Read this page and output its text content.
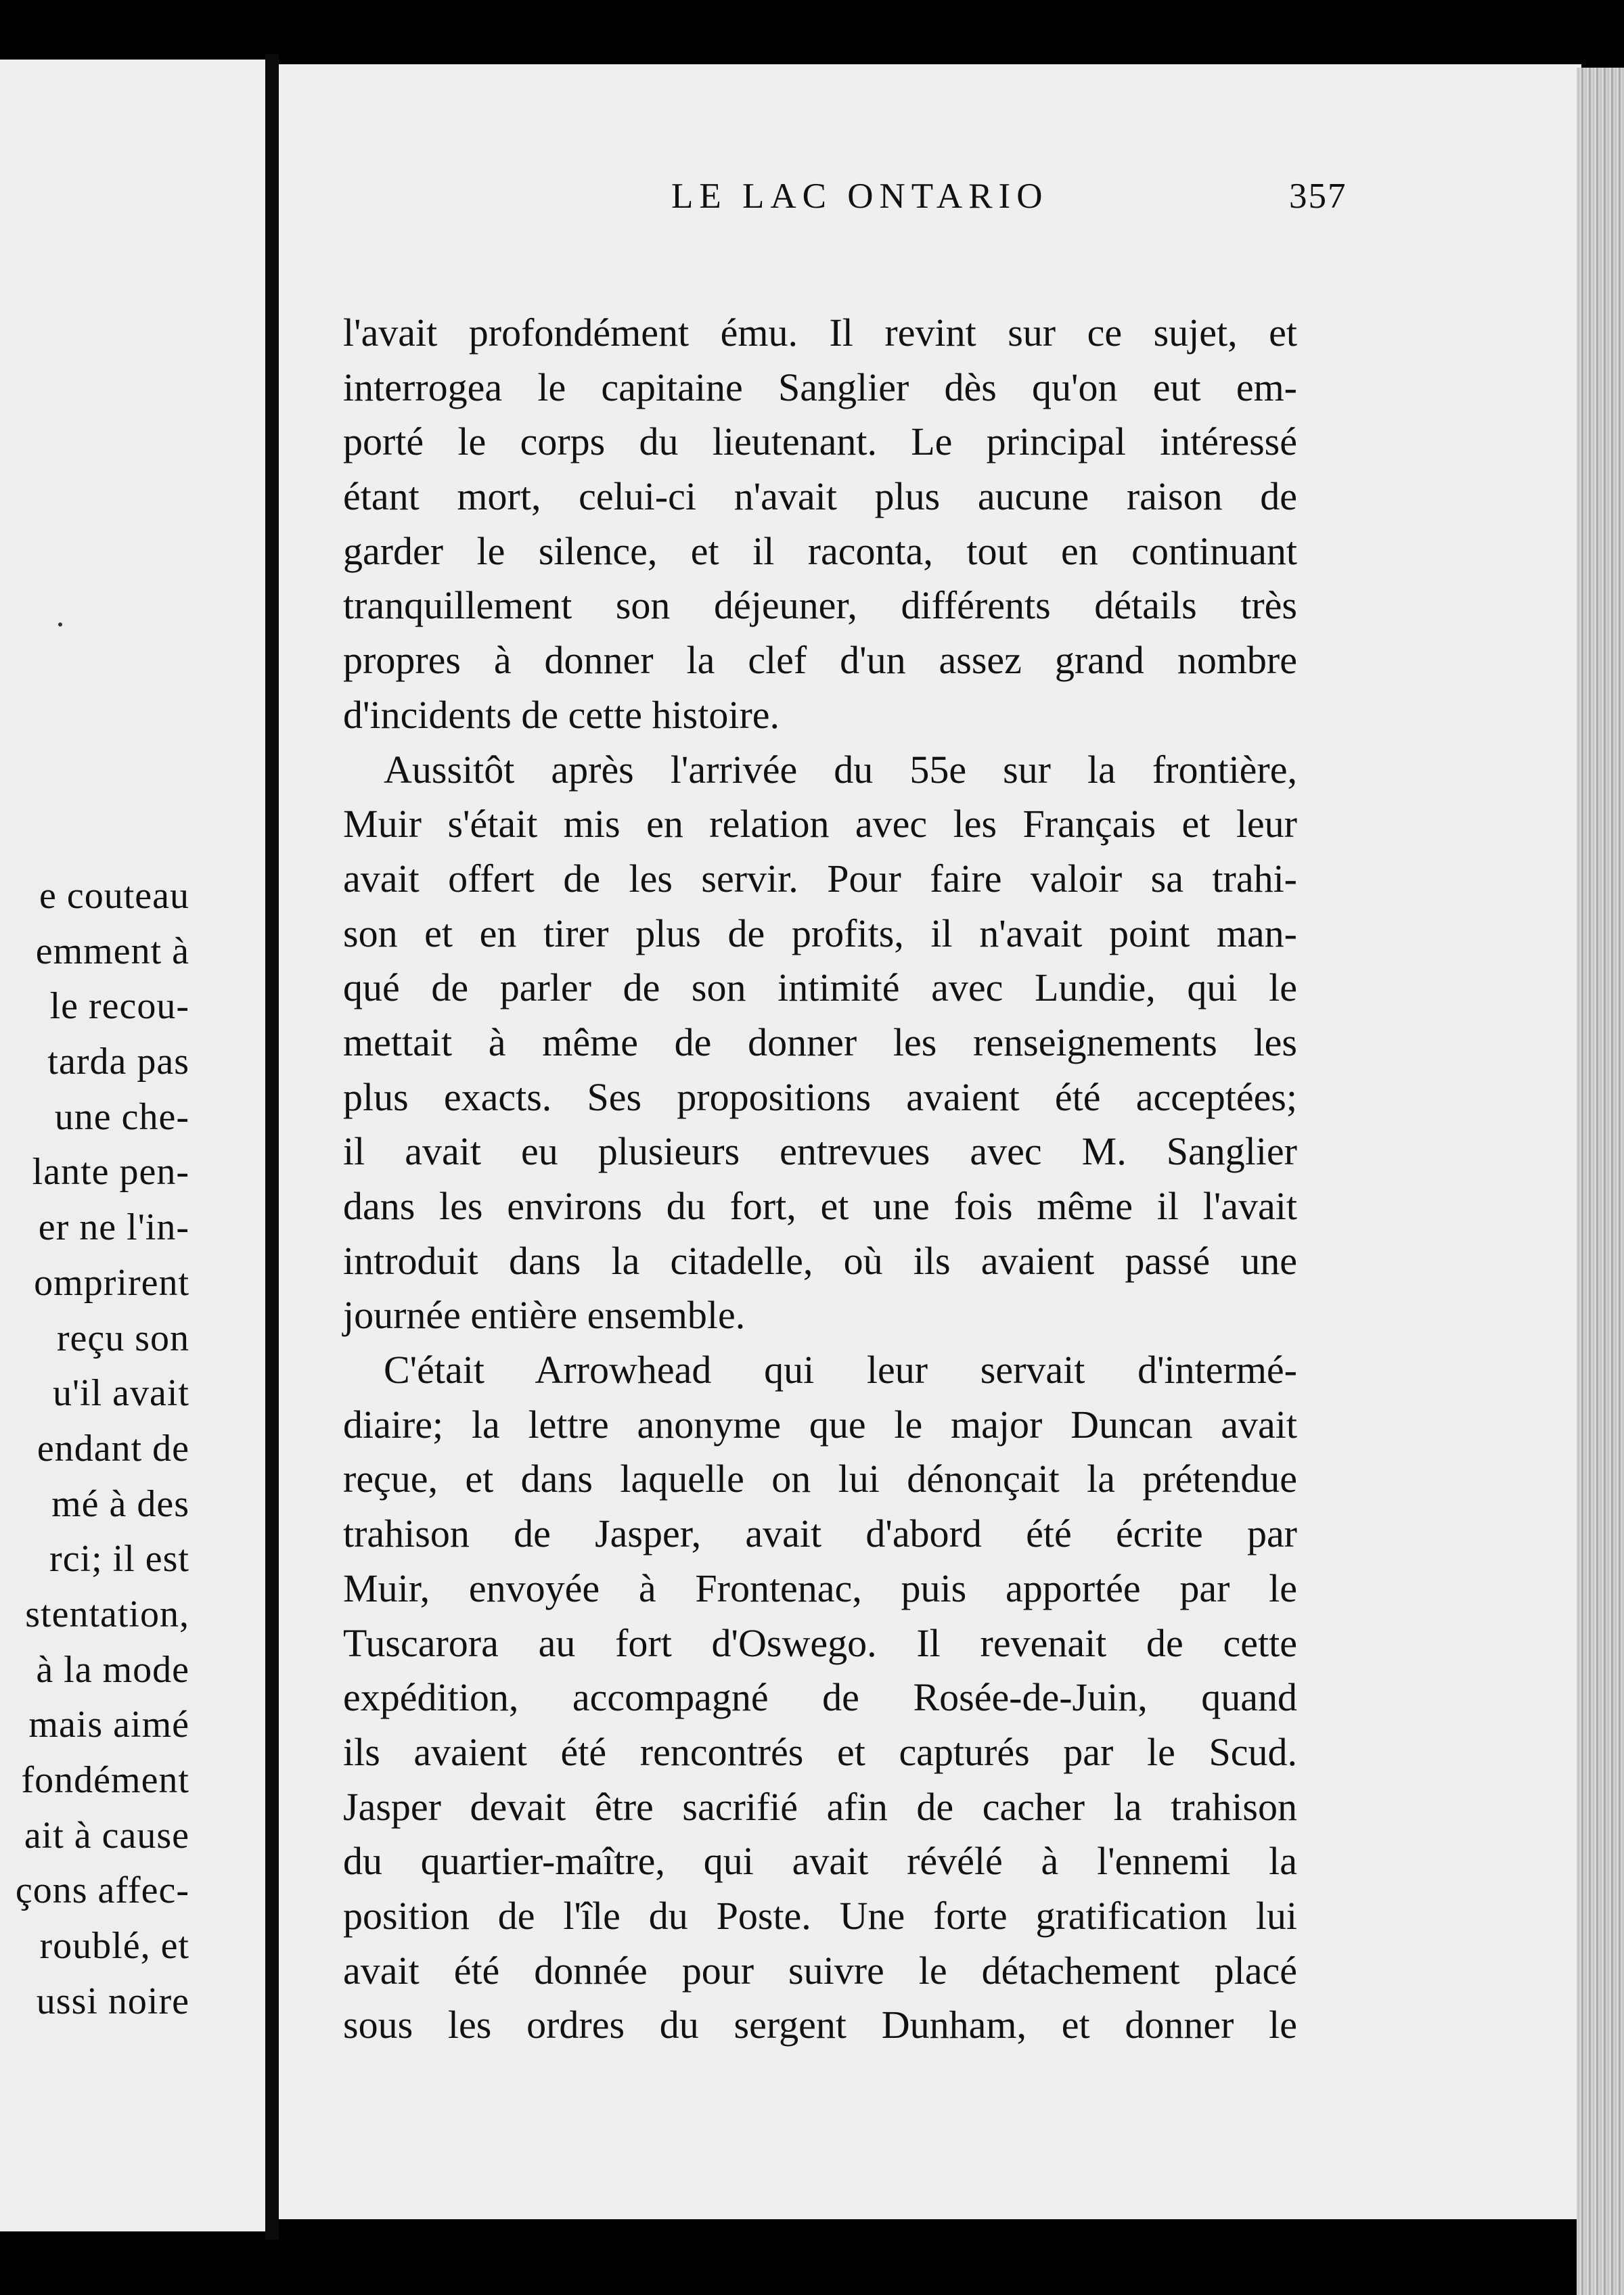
e couteau
emment à
le recou-
tarda pas
une che-
lante pen-
er ne l'in-
omprirent
reçu son
u'il avait
endant de
mé à des
rci; il est
stentation,
à la mode
mais aimé
fondément
ait à cause
çons affec-
roublé, et
ussi noire
LE LAC ONTARIO	357
l'avait profondément ému. Il revint sur ce sujet, et
interrogea le capitaine Sanglier dès qu'on eut em-
porté le corps du lieutenant. Le principal intéressé
étant mort, celui-ci n'avait plus aucune raison de
garder le silence, et il raconta, tout en continuant
tranquillement son déjeuner, différents détails très
propres à donner la clef d'un assez grand nombre
d'incidents de cette histoire.
Aussitôt après l'arrivée du 55e sur la frontière,
Muir s'était mis en relation avec les Français et leur
avait offert de les servir. Pour faire valoir sa trahi-
son et en tirer plus de profits, il n'avait point man-
qué de parler de son intimité avec Lundie, qui le
mettait à même de donner les renseignements les
plus exacts. Ses propositions avaient été acceptées;
il avait eu plusieurs entrevues avec M. Sanglier
dans les environs du fort, et une fois même il l'avait
introduit dans la citadelle, où ils avaient passé une
journée entière ensemble.
C'était Arrowhead qui leur servait d'intermé-
diaire; la lettre anonyme que le major Duncan avait
reçue, et dans laquelle on lui dénonçait la prétendue
trahison de Jasper, avait d'abord été écrite par
Muir, envoyée à Frontenac, puis apportée par le
Tuscarora au fort d'Oswego. Il revenait de cette
expédition, accompagné de Rosée-de-Juin, quand
ils avaient été rencontrés et capturés par le Scud.
Jasper devait être sacrifié afin de cacher la trahison
du quartier-maître, qui avait révélé à l'ennemi la
position de l'île du Poste. Une forte gratification lui
avait été donnée pour suivre le détachement placé
sous les ordres du sergent Dunham, et donner le
